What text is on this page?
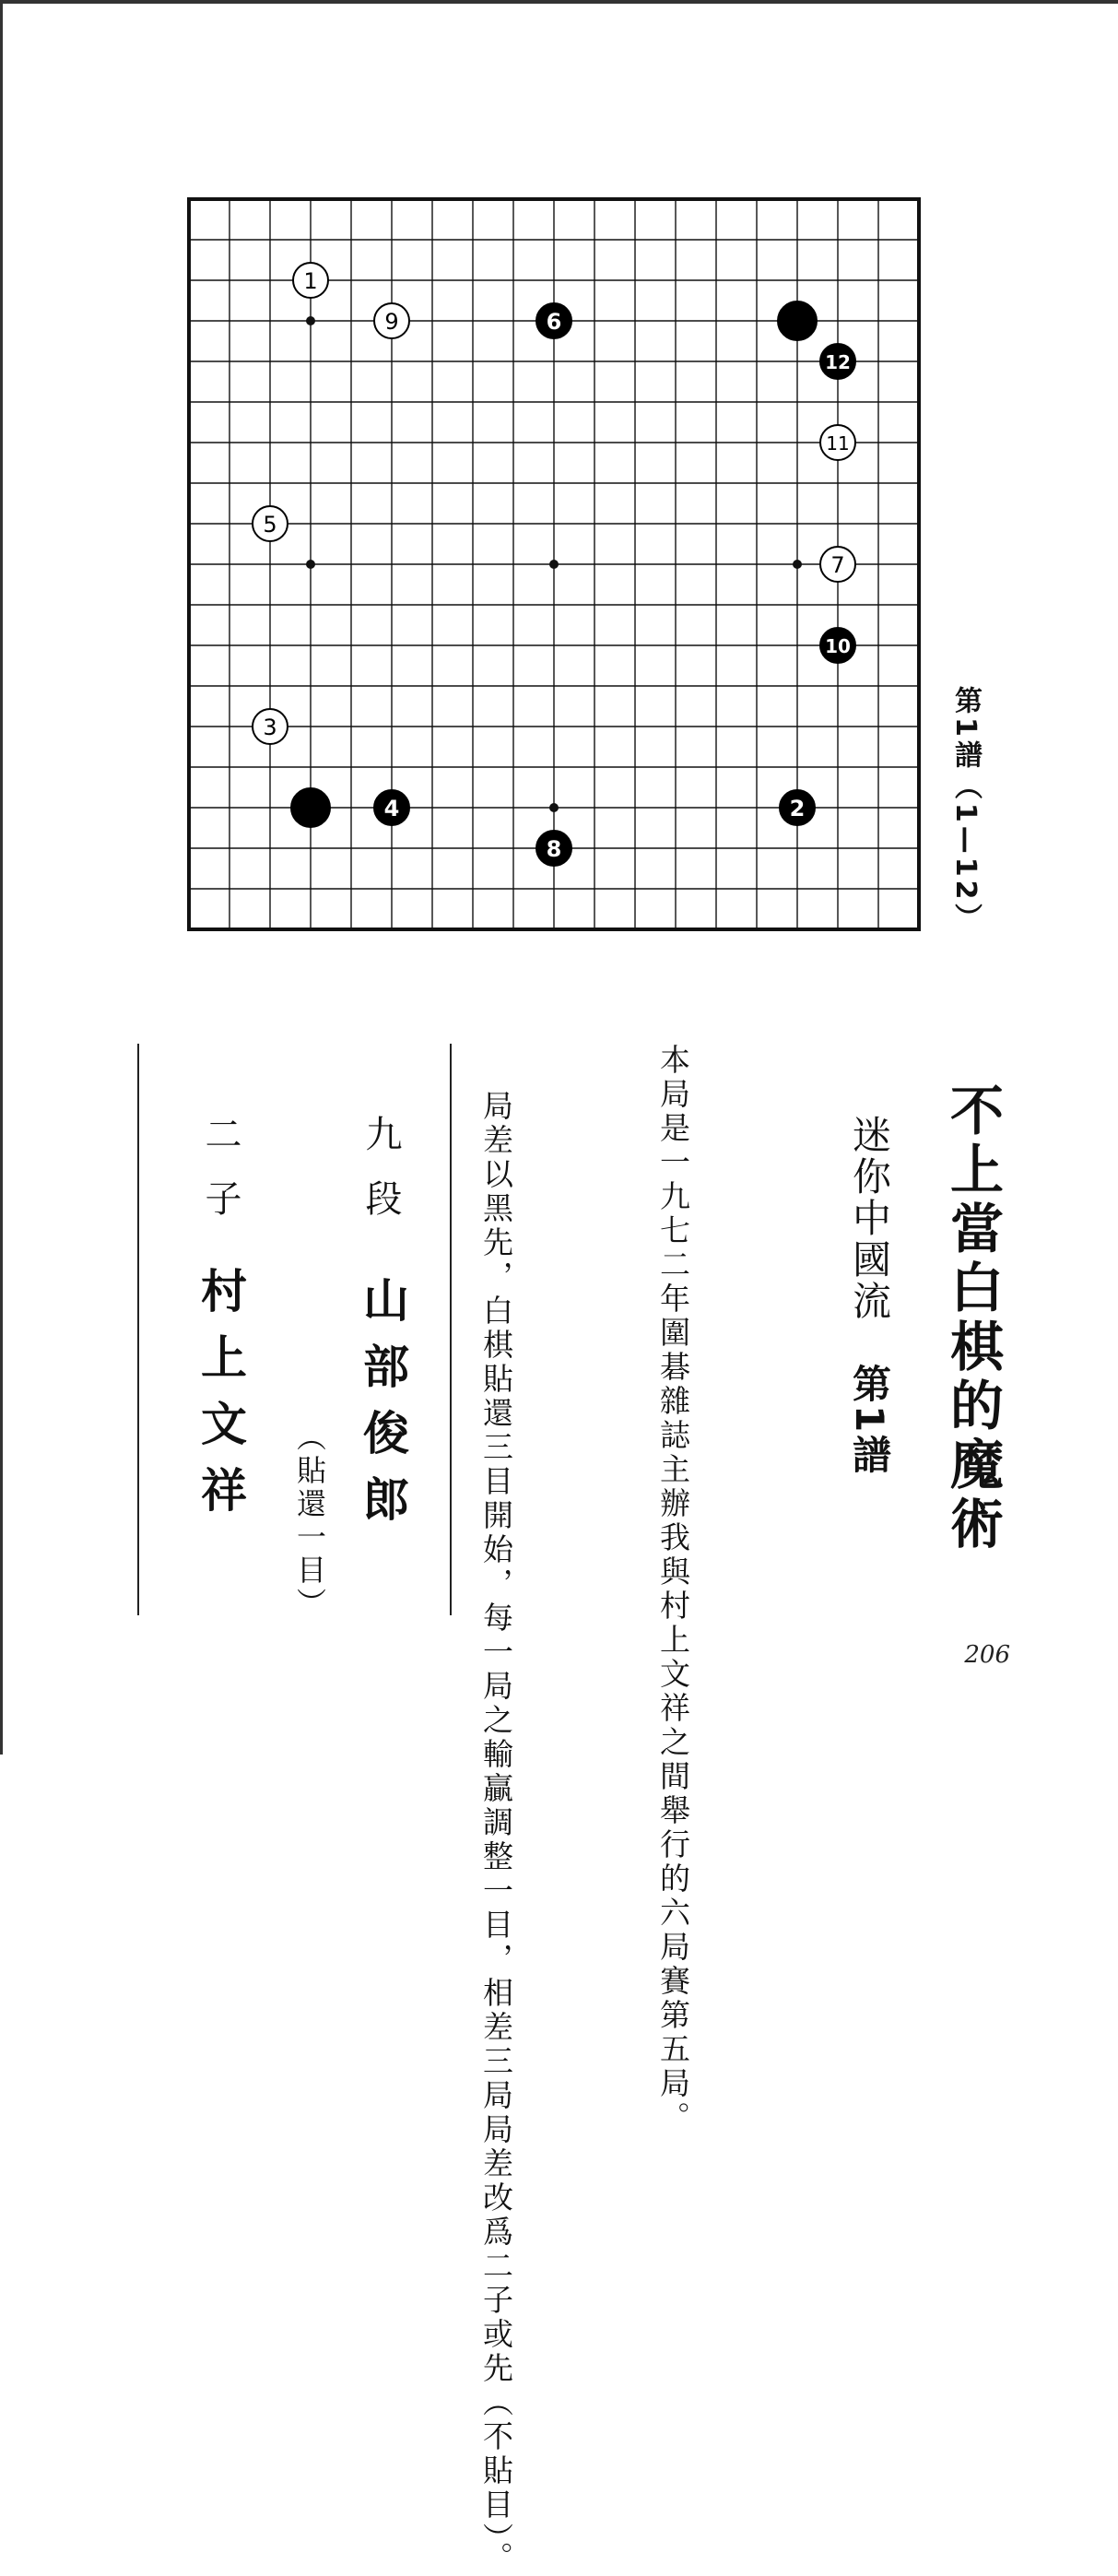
1
2
3
4
5
6
7
8
9
10
11
12
第1譜（1—12）
不上當白棋的魔術
迷你中國流　第1譜
本局是一九七二年圍碁雜誌主辦我與村上文祥之間舉行的六局賽第五局。
局差以黑先，白棋貼還三目開始，每一局之輸贏調整一目，相差三局局差改爲二子或先（不貼目）。
九段
山部俊郎
（貼還一目）
二子
村上文祥
206
